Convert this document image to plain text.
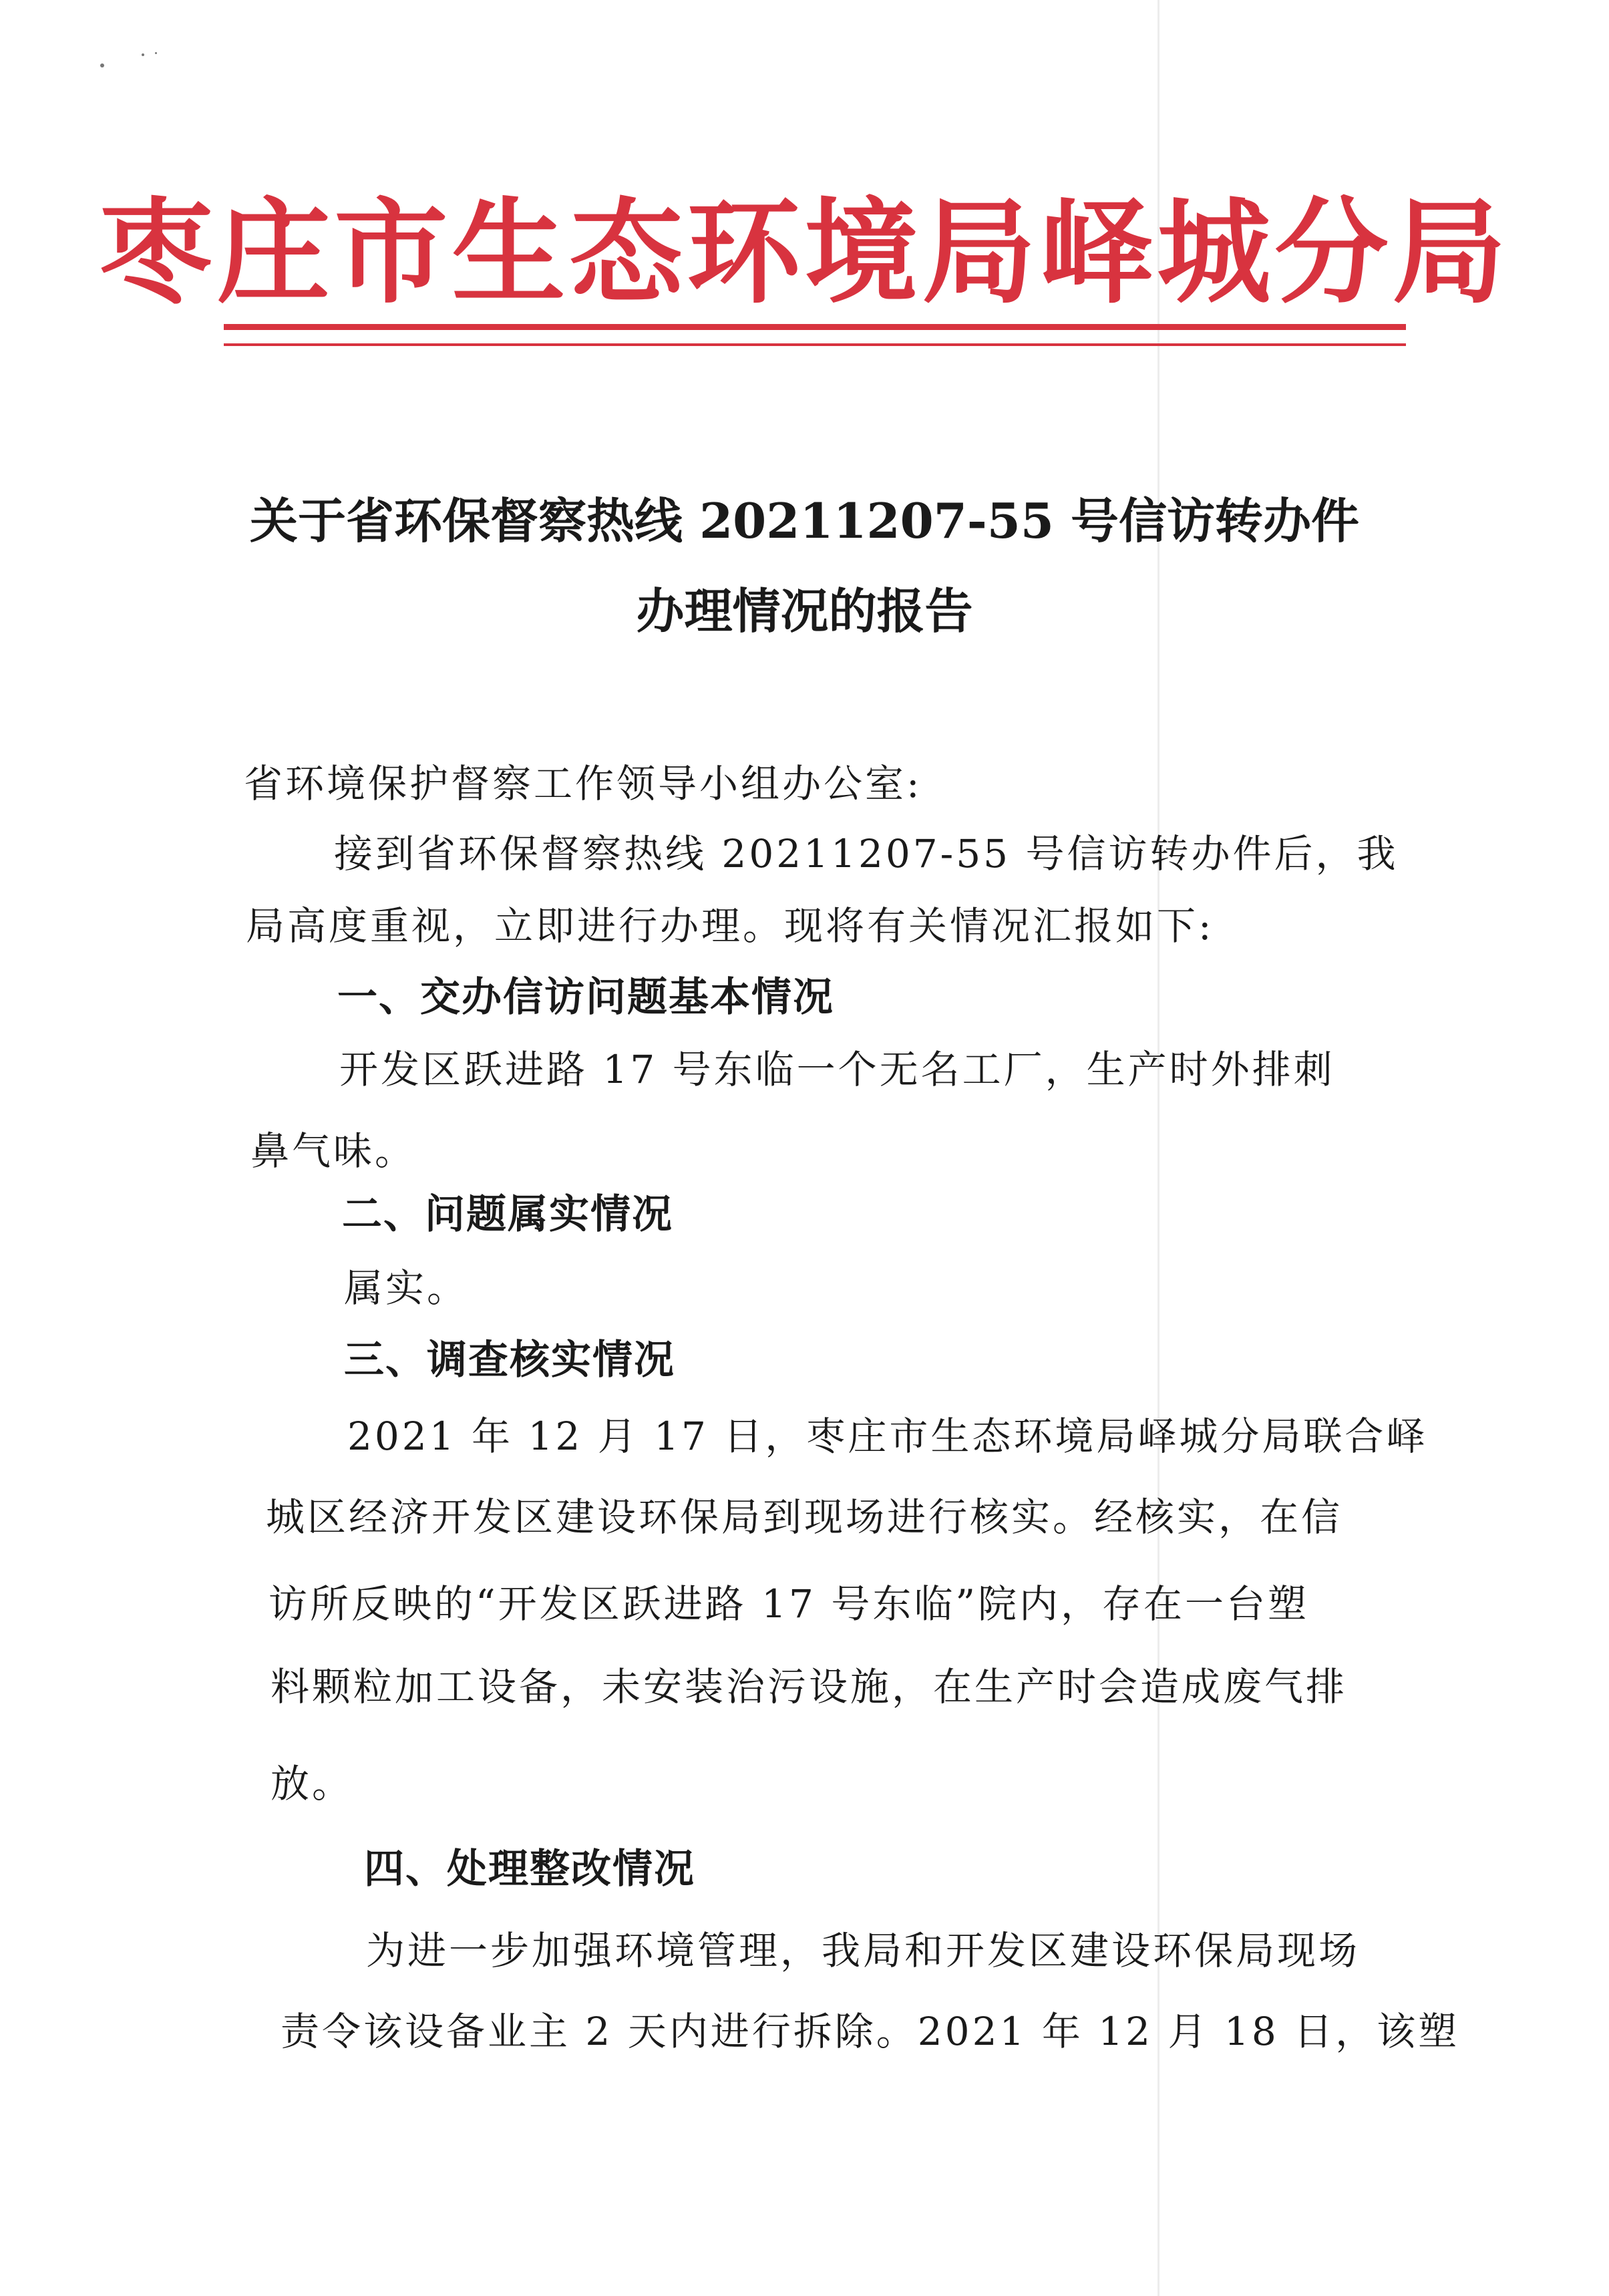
枣庄市生态环境局峄城分局
关于省环保督察热线 20211207-55 号信访转办件
办理情况的报告
省环境保护督察工作领导小组办公室:
接到省环保督察热线 20211207-55 号信访转办件后，我
局高度重视，立即进行办理。现将有关情况汇报如下:
一、交办信访问题基本情况
开发区跃进路 17 号东临一个无名工厂，生产时外排刺
鼻气味。
二、问题属实情况
属实。
三、调查核实情况
2021 年 12 月 17 日，枣庄市生态环境局峄城分局联合峄
城区经济开发区建设环保局到现场进行核实。经核实，在信
访所反映的“开发区跃进路 17 号东临”院内，存在一台塑
料颗粒加工设备，未安装治污设施，在生产时会造成废气排
放。
四、处理整改情况
为进一步加强环境管理，我局和开发区建设环保局现场
责令该设备业主 2 天内进行拆除。2021 年 12 月 18 日，该塑
